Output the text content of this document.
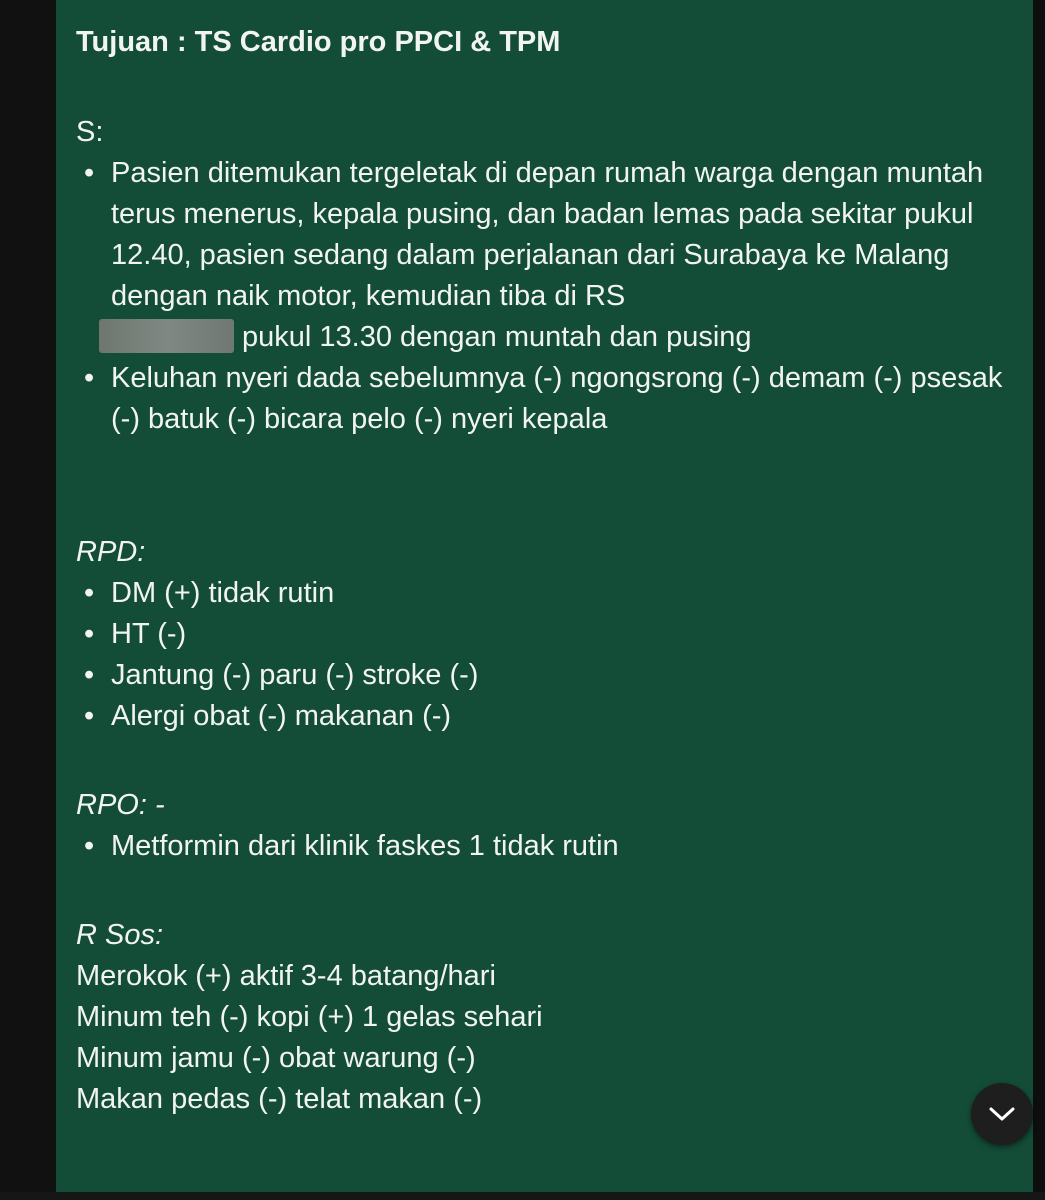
Tujuan : TS Cardio pro PPCI & TPM

S:

• Pasien ditemukan tergeletak di depan rumah warga dengan muntah terus menerus, kepala pusing, dan badan lemas pada sekitar pukul 12.40, pasien sedang dalam perjalanan dari Surabaya ke Malang dengan naik motor, kemudian tiba di RS
pukul 13.30 dengan muntah dan pusing
• Keluhan nyeri dada sebelumnya (-) ngongsrong (-) demam (-) psesak (-) batuk (-) bicara pelo (-) nyeri kepala

RPD:

• DM (+) tidak rutin
• HT (-)
• Jantung (-) paru (-) stroke (-)
• Alergi obat (-) makanan (-)

RPO: -

• Metformin dari klinik faskes 1 tidak rutin

R Sos:

Merokok (+) aktif 3-4 batang/hari

Minum teh (-) kopi (+) 1 gelas sehari

Minum jamu (-) obat warung (-)

Makan pedas (-) telat makan (-)
